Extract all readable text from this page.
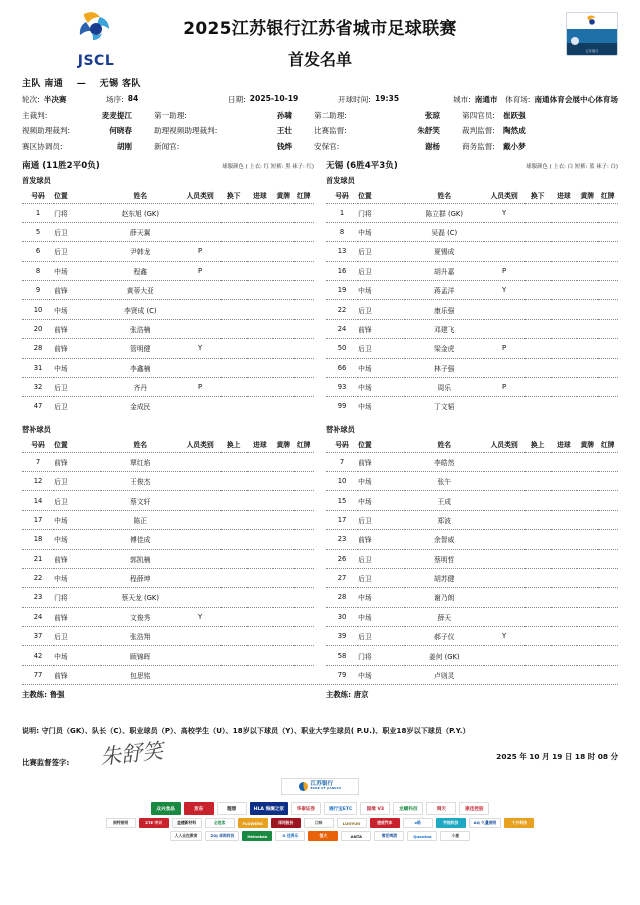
JSCL
2025江苏银行江苏省城市足球联赛
首发名单	江苏银行
主队 南通 — 无锡 客队
轮次: 半决赛	场序: 84	日期: 2025-10-19	开球时间: 19:35	城市: 南通市 体育场: 南通体育会展中心体育场
主裁判:	麦麦提江	第一助理:	孙啸	第二助理:	张琼	第四官员:	崔跃强
视频助理裁判:	何晓春	助理视频助理裁判:	王壮	比赛监督:	朱舒笑	裁判监督:	陶然成
赛区协调员:	胡刚	新闻官:	钱烨	安保官:	谢杨	商务监督:	戴小梦
南通 (11胜2平0负)	球服颜色 ( 上衣: 红 短裤: 黑 袜子: 红)
首发球员
号码	位置	姓名	人员类别	换下	进球	黄牌	红牌
1	门将	赵东旭 (GK)					
5	后卫	薛天翼					
6	后卫	尹韩龙	P				
8	中场	程鑫	P				
9	前锋	黄蒂大亚					
10	中场	李贤成 (C)					
20	前锋	张浩楠					
28	前锋	管明健	Y				
31	中场	李鑫楠					
32	后卫	齐丹	P				
47	后卫	金成民					
无锡 (6胜4平3负)	球服颜色 ( 上衣: 白 短裤: 蓝 袜子: 白)
首发球员
号码	位置	姓名	人员类别	换下	进球	黄牌	红牌
1	门将	陈立群 (GK)	Y				
8	中场	吴磊 (C)					
13	后卫	夏锡成					
16	后卫	胡升嘉	P				
19	中场	蒋孟洋	Y				
22	后卫	康乐强					
24	前锋	邓建飞					
50	后卫	梁金虎	P				
66	中场	林子强					
93	中场	周乐	P				
99	中场	丁文韬					
替补球员
号码	位置	姓名	人员类别	换上	进球	黄牌	红牌
7	前锋	覃红焰					
12	后卫	王俊杰					
14	后卫	蔡文轩					
17	中场	陈正					
18	中场	傅佳成					
21	前锋	郭凯楠					
22	中场	程薛坤					
23	门将	蔡天龙 (GK)					
24	前锋	文俊秀	Y				
37	后卫	张浩翔					
42	中场	顾锦晖					
77	前锋	包思铭					
替补球员
号码	位置	姓名	人员类别	换上	进球	黄牌	红牌
7	前锋	李皓然					
10	中场	张午					
15	中场	王成					
17	后卫	郑波					
23	前锋	余智威					
26	后卫	蔡明哲					
27	后卫	胡苏健					
28	中场	谢乃朗					
30	中场	薛天					
39	后卫	郝子仪	Y				
58	门将	姜何 (GK)					
79	中场	卢则灵					
主教练: 鲁强	主教练: 唐京
说明: 守门员（GK）、队长（C）、职业球员（P）、高校学生（U）、18岁以下球员（Y）、职业大学生球员( P.U.)、职业18岁以下球员（P.Y.）
比赛监督签字: 朱舒笑	2025 年 10 月 19 日 18 时 08 分
江苏银行
BANK OF JIANGSU
众兴食品	京东	理想	HLA 海澜之家	华泰证券	通行宝ETC	国缘 V3	龙蟠科技	舜天	康佳控股
朗特照明	ZTE 中兴	益捷新材料	必胜客	FLOWERS	洋河股份	口味	LUOYUO	速虎汽车	e路	宇视科技	AQ 久量照明	十方科技
人人众包教育	ZOJ 卓郎科技	Heineken	G 佳得乐	恒大	ANTA	雪花啤酒	Quantoo	小鹿
